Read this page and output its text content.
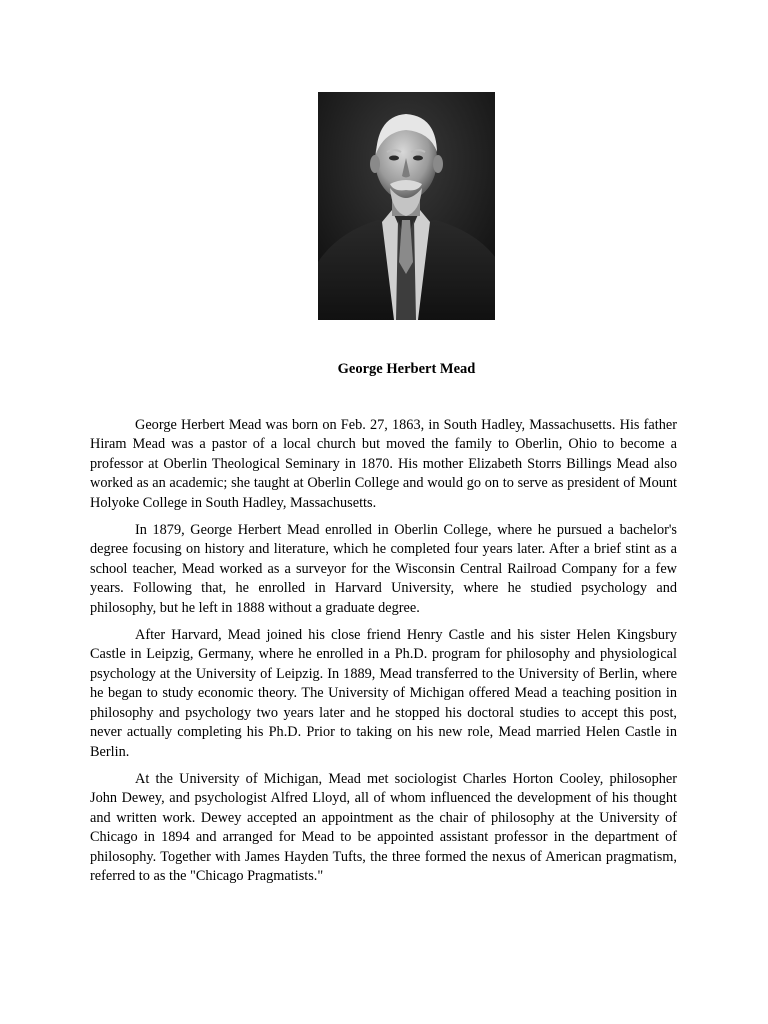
George Herbert Mead

George Herbert Mead was born on Feb. 27, 1863, in South Hadley, Massachusetts. His father Hiram Mead was a pastor of a local church but moved the family to Oberlin, Ohio to become a professor at Oberlin Theological Seminary in 1870. His mother Elizabeth Storrs Billings Mead also worked as an academic; she taught at Oberlin College and would go on to serve as president of Mount Holyoke College in South Hadley, Massachusetts.

In 1879, George Herbert Mead enrolled in Oberlin College, where he pursued a bachelor's degree focusing on history and literature, which he completed four years later. After a brief stint as a school teacher, Mead worked as a surveyor for the Wisconsin Central Railroad Company for a few years. Following that, he enrolled in Harvard University, where he studied psychology and philosophy, but he left in 1888 without a graduate degree.

After Harvard, Mead joined his close friend Henry Castle and his sister Helen Kingsbury Castle in Leipzig, Germany, where he enrolled in a Ph.D. program for philosophy and physiological psychology at the University of Leipzig. In 1889, Mead transferred to the University of Berlin, where he began to study economic theory. The University of Michigan offered Mead a teaching position in philosophy and psychology two years later and he stopped his doctoral studies to accept this post, never actually completing his Ph.D. Prior to taking on his new role, Mead married Helen Castle in Berlin.

At the University of Michigan, Mead met sociologist Charles Horton Cooley, philosopher John Dewey, and psychologist Alfred Lloyd, all of whom influenced the development of his thought and written work. Dewey accepted an appointment as the chair of philosophy at the University of Chicago in 1894 and arranged for Mead to be appointed assistant professor in the department of philosophy. Together with James Hayden Tufts, the three formed the nexus of American pragmatism, referred to as the "Chicago Pragmatists."
